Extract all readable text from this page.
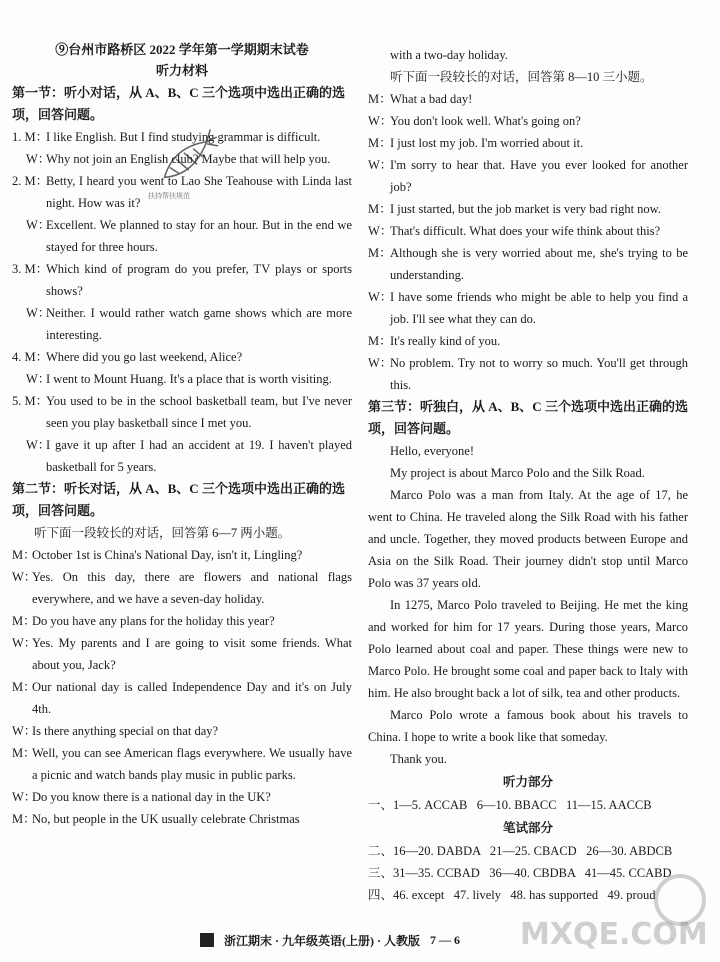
⑨台州市路桥区 2022 学年第一学期期末试卷
听力材料
第一节：听小对话，从 A、B、C 三个选项中选出正确的选项，回答问题。
1. M：
I like English. But I find studying grammar is difficult.
W：
Why not join an English club? Maybe that will help you.
2. M：
Betty, I heard you went to Lao She Teahouse with Linda last night. How was it?
W：
Excellent. We planned to stay for an hour. But in the end we stayed for three hours.
3. M：
Which kind of program do you prefer, TV plays or sports shows?
W：
Neither. I would rather watch game shows which are more interesting.
4. M：
Where did you go last weekend, Alice?
W：
I went to Mount Huang. It's a place that is worth visiting.
5. M：
You used to be in the school basketball team, but I've never seen you play basketball since I met you.
W：
I gave it up after I had an accident at 19. I haven't played basketball for 5 years.
第二节：听长对话，从 A、B、C 三个选项中选出正确的选项，回答问题。
听下面一段较长的对话，回答第 6—7 两小题。
M：
October 1st is China's National Day, isn't it, Lingling?
W：
Yes. On this day, there are flowers and national flags everywhere, and we have a seven-day holiday.
M：
Do you have any plans for the holiday this year?
W：
Yes. My parents and I are going to visit some friends. What about you, Jack?
M：
Our national day is called Independence Day and it's on July 4th.
W：
Is there anything special on that day?
M：
Well, you can see American flags everywhere. We usually have a picnic and watch bands play music in public parks.
W：
Do you know there is a national day in the UK?
M：
No, but people in the UK usually celebrate Christmas
扶持帮扶规范
with a two-day holiday.
听下面一段较长的对话，回答第 8—10 三小题。
M：
What a bad day!
W：
You don't look well. What's going on?
M：
I just lost my job. I'm worried about it.
W：
I'm sorry to hear that. Have you ever looked for another job?
M：
I just started, but the job market is very bad right now.
W：
That's difficult. What does your wife think about this?
M：
Although she is very worried about me, she's trying to be understanding.
W：
I have some friends who might be able to help you find a job. I'll see what they can do.
M：
It's really kind of you.
W：
No problem. Try not to worry so much. You'll get through this.
第三节：听独白，从 A、B、C 三个选项中选出正确的选项，回答问题。
Hello, everyone!
My project is about Marco Polo and the Silk Road.
Marco Polo was a man from Italy. At the age of 17, he went to China. He traveled along the Silk Road with his father and uncle. Together, they moved products between Europe and Asia on the Silk Road. Their journey didn't stop until Marco Polo was 37 years old.
In 1275, Marco Polo traveled to Beijing. He met the king and worked for him for 17 years. During those years, Marco Polo learned about coal and paper. These things were new to Marco Polo. He brought some coal and paper back to Italy with him. He also brought back a lot of silk, tea and other products.
Marco Polo wrote a famous book about his travels to China. I hope to write a book like that someday.
Thank you.
听力部分
一、1—5. ACCAB   6—10. BBACC   11—15. AACCB
笔试部分
二、16—20. DABDA   21—25. CBACD   26—30. ABDCB
三、31—35. CCBAD   36—40. CBDBA   41—45. CCABD
四、46. except   47. lively   48. has supported   49. proud
浙江期末 · 九年级英语(上册) · 人教版 7 — 6 MXQE.COM
